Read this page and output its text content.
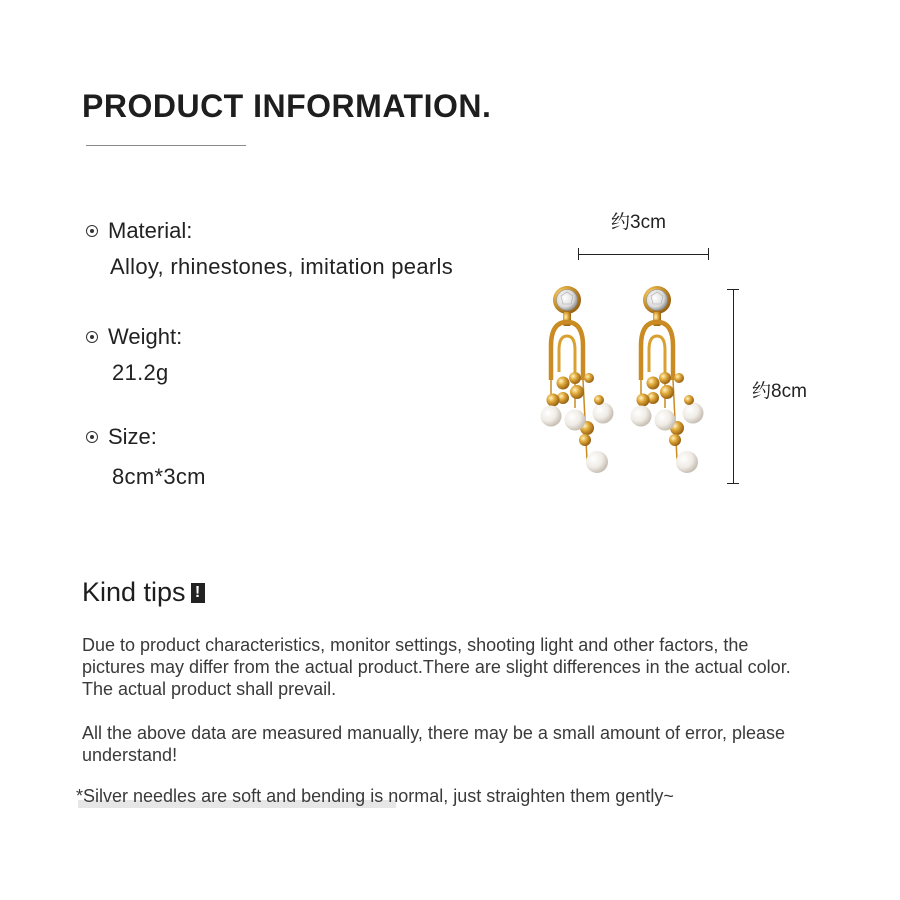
PRODUCT INFORMATION.
Material:
Alloy, rhinestones, imitation pearls
Weight:
21.2g
Size:
8cm*3cm
约3cm
约8cm
Kind tips !

Due to product characteristics, monitor settings, shooting light and other factors, the pictures may differ from the actual product.There are slight differences in the actual color. The actual product shall prevail.

All the above data are measured manually, there may be a small amount of error, please understand!

*Silver needles are soft and bending is normal, just straighten them gently~
